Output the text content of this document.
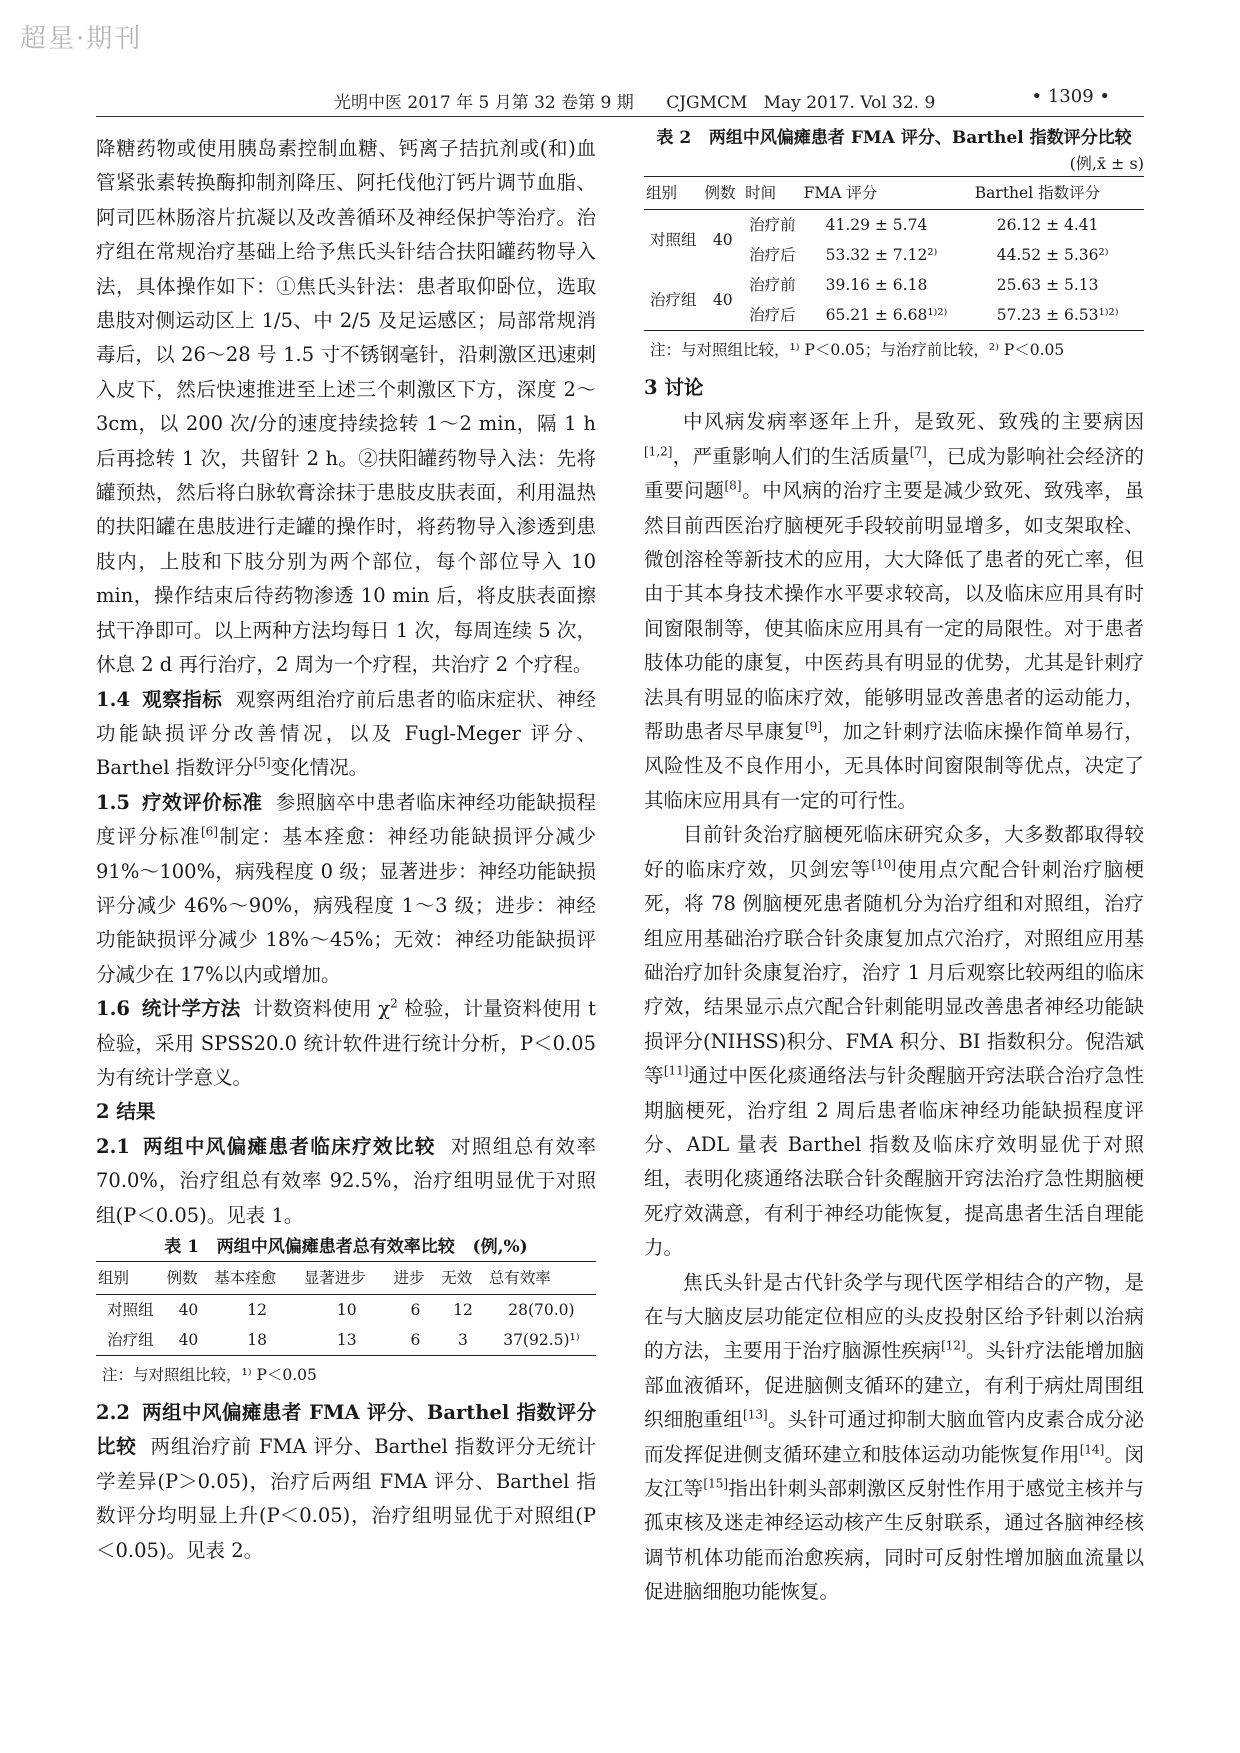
超星·期刊
光明中医 2017 年 5 月第 32 卷第 9 期 CJGMCM   May 2017. Vol 32. 9	• 1309 •

降糖药物或使用胰岛素控制血糖、钙离子拮抗剂或(和)血管紧张素转换酶抑制剂降压、阿托伐他汀钙片调节血脂、阿司匹林肠溶片抗凝以及改善循环及神经保护等治疗。治疗组在常规治疗基础上给予焦氏头针结合扶阳罐药物导入法，具体操作如下：①焦氏头针法：患者取仰卧位，选取患肢对侧运动区上 1/5、中 2/5 及足运感区；局部常规消毒后，以 26～28 号 1.5 寸不锈钢毫针，沿刺激区迅速刺入皮下，然后快速推进至上述三个刺激区下方，深度 2～3cm，以 200 次/分的速度持续捻转 1～2 min，隔 1 h 后再捻转 1 次，共留针 2 h。②扶阳罐药物导入法：先将罐预热，然后将白脉软膏涂抹于患肢皮肤表面，利用温热的扶阳罐在患肢进行走罐的操作时，将药物导入渗透到患肢内，上肢和下肢分别为两个部位，每个部位导入 10 min，操作结束后待药物渗透 10 min 后，将皮肤表面擦拭干净即可。以上两种方法均每日 1 次，每周连续 5 次，休息 2 d 再行治疗，2 周为一个疗程，共治疗 2 个疗程。

1.4 观察指标 观察两组治疗前后患者的临床症状、神经功能缺损评分改善情况，以及 Fugl-Meger 评分、Barthel 指数评分[5]变化情况。

1.5 疗效评价标准 参照脑卒中患者临床神经功能缺损程度评分标准[6]制定：基本痊愈：神经功能缺损评分减少 91%～100%，病残程度 0 级；显著进步：神经功能缺损评分减少 46%～90%，病残程度 1～3 级；进步：神经功能缺损评分减少 18%～45%；无效：神经功能缺损评分减少在 17%以内或增加。

1.6 统计学方法 计数资料使用 $\chi^2$ 检验，计量资料使用 t 检验，采用 SPSS20.0 统计软件进行统计分析，P＜0.05 为有统计学意义。

2 结果

2.1 两组中风偏瘫患者临床疗效比较 对照组总有效率 70.0%，治疗组总有效率 92.5%，治疗组明显优于对照组(P＜0.05)。见表 1。

表 1   两组中风偏瘫患者总有效率比较   (例,%)
组别	例数	基本痊愈	显著进步	进步	无效	总有效率
对照组	40	12	10	6	12	28(70.0)
治疗组	40	18	13	6	3	37(92.5)¹⁾
注：与对照组比较，¹⁾ P＜0.05

2.2 两组中风偏瘫患者 FMA 评分、Barthel 指数评分比较 两组治疗前 FMA 评分、Barthel 指数评分无统计学差异(P＞0.05)，治疗后两组 FMA 评分、Barthel 指数评分均明显上升(P＜0.05)，治疗组明显优于对照组(P＜0.05)。见表 2。

表 2   两组中风偏瘫患者 FMA 评分、Barthel 指数评分比较
(例,x̄ ± s)
组别	例数	时间	FMA 评分	Barthel 指数评分
对照组	40	治疗前	41.29 ± 5.74	26.12 ± 4.41
		治疗后	53.32 ± 7.12²⁾	44.52 ± 5.36²⁾
治疗组	40	治疗前	39.16 ± 6.18	25.63 ± 5.13
		治疗后	65.21 ± 6.68¹⁾²⁾	57.23 ± 6.53¹⁾²⁾
注：与对照组比较，¹⁾ P＜0.05；与治疗前比较，²⁾ P＜0.05

3 讨论

中风病发病率逐年上升，是致死、致残的主要病因[1,2]，严重影响人们的生活质量[7]，已成为影响社会经济的重要问题[8]。中风病的治疗主要是减少致死、致残率，虽然目前西医治疗脑梗死手段较前明显增多，如支架取栓、微创溶栓等新技术的应用，大大降低了患者的死亡率，但由于其本身技术操作水平要求较高，以及临床应用具有时间窗限制等，使其临床应用具有一定的局限性。对于患者肢体功能的康复，中医药具有明显的优势，尤其是针刺疗法具有明显的临床疗效，能够明显改善患者的运动能力，帮助患者尽早康复[9]，加之针刺疗法临床操作简单易行，风险性及不良作用小，无具体时间窗限制等优点，决定了其临床应用具有一定的可行性。

目前针灸治疗脑梗死临床研究众多，大多数都取得较好的临床疗效，贝剑宏等[10]使用点穴配合针刺治疗脑梗死，将 78 例脑梗死患者随机分为治疗组和对照组，治疗组应用基础治疗联合针灸康复加点穴治疗，对照组应用基础治疗加针灸康复治疗，治疗 1 月后观察比较两组的临床疗效，结果显示点穴配合针刺能明显改善患者神经功能缺损评分(NIHSS)积分、FMA 积分、BI 指数积分。倪浩斌等[11]通过中医化痰通络法与针灸醒脑开窍法联合治疗急性期脑梗死，治疗组 2 周后患者临床神经功能缺损程度评分、ADL 量表 Barthel 指数及临床疗效明显优于对照组，表明化痰通络法联合针灸醒脑开窍法治疗急性期脑梗死疗效满意，有利于神经功能恢复，提高患者生活自理能力。

焦氏头针是古代针灸学与现代医学相结合的产物，是在与大脑皮层功能定位相应的头皮投射区给予针刺以治病的方法，主要用于治疗脑源性疾病[12]。头针疗法能增加脑部血液循环，促进脑侧支循环的建立，有利于病灶周围组织细胞重组[13]。头针可通过抑制大脑血管内皮素合成分泌而发挥促进侧支循环建立和肢体运动功能恢复作用[14]。闵友江等[15]指出针刺头部刺激区反射性作用于感觉主核并与孤束核及迷走神经运动核产生反射联系，通过各脑神经核调节机体功能而治愈疾病，同时可反射性增加脑血流量以促进脑细胞功能恢复。
